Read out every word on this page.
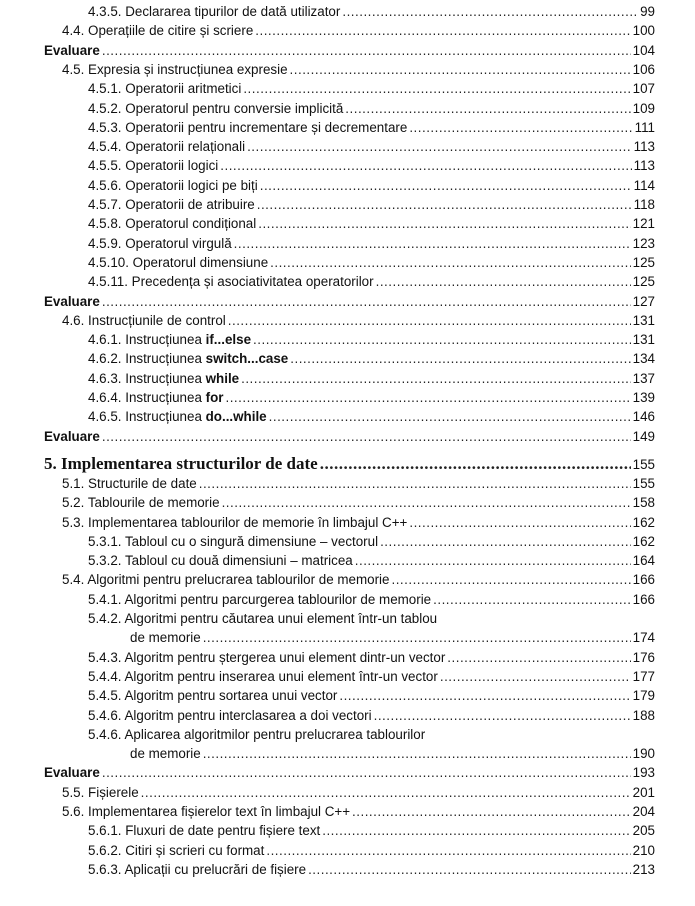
4.3.5. Declararea tipurilor de dată utilizator .....	99
4.4. Operațiile de citire și scriere .....	100
Evaluare .....	104
4.5. Expresia și instrucțiunea expresie .....	106
4.5.1. Operatorii aritmetici .....	107
4.5.2. Operatorul pentru conversie implicită .....	109
4.5.3. Operatorii pentru incrementare și decrementare .....	111
4.5.4. Operatorii relaționali .....	113
4.5.5. Operatorii logici .....	113
4.5.6. Operatorii logici pe biți .....	114
4.5.7. Operatorii de atribuire .....	118
4.5.8. Operatorul condițional .....	121
4.5.9. Operatorul virgulă .....	123
4.5.10. Operatorul dimensiune .....	125
4.5.11. Precedența și asociativitatea operatorilor .....	125
Evaluare .....	127
4.6. Instrucțiunile de control .....	131
4.6.1. Instrucțiunea if...else .....	131
4.6.2. Instrucțiunea switch...case .....	134
4.6.3. Instrucțiunea while .....	137
4.6.4. Instrucțiunea for .....	139
4.6.5. Instrucțiunea do...while .....	146
Evaluare .....	149
5. Implementarea structurilor de date .....	155
5.1. Structurile de date .....	155
5.2. Tablourile de memorie .....	158
5.3. Implementarea tablourilor de memorie în limbajul C++ .....	162
5.3.1. Tabloul cu o singură dimensiune – vectorul .....	162
5.3.2. Tabloul cu două dimensiuni – matricea .....	164
5.4. Algoritmi pentru prelucrarea tablourilor de memorie .....	166
5.4.1. Algoritmi pentru parcurgerea tablourilor de memorie .....	166
5.4.2. Algoritmi pentru căutarea unui element într-un tablou
de memorie .....	174
5.4.3. Algoritm pentru ștergerea unui element dintr-un vector .....	176
5.4.4. Algoritm pentru inserarea unui element într-un vector .....	177
5.4.5. Algoritm pentru sortarea unui vector .....	179
5.4.6. Algoritm pentru interclasarea a doi vectori .....	188
5.4.6. Aplicarea algoritmilor pentru prelucrarea tablourilor
de memorie .....	190
Evaluare .....	193
5.5. Fișierele .....	201
5.6. Implementarea fișierelor text în limbajul C++ .....	204
5.6.1. Fluxuri de date pentru fișiere text .....	205
5.6.2. Citiri și scrieri cu format .....	210
5.6.3. Aplicații cu prelucrări de fișiere .....	213
